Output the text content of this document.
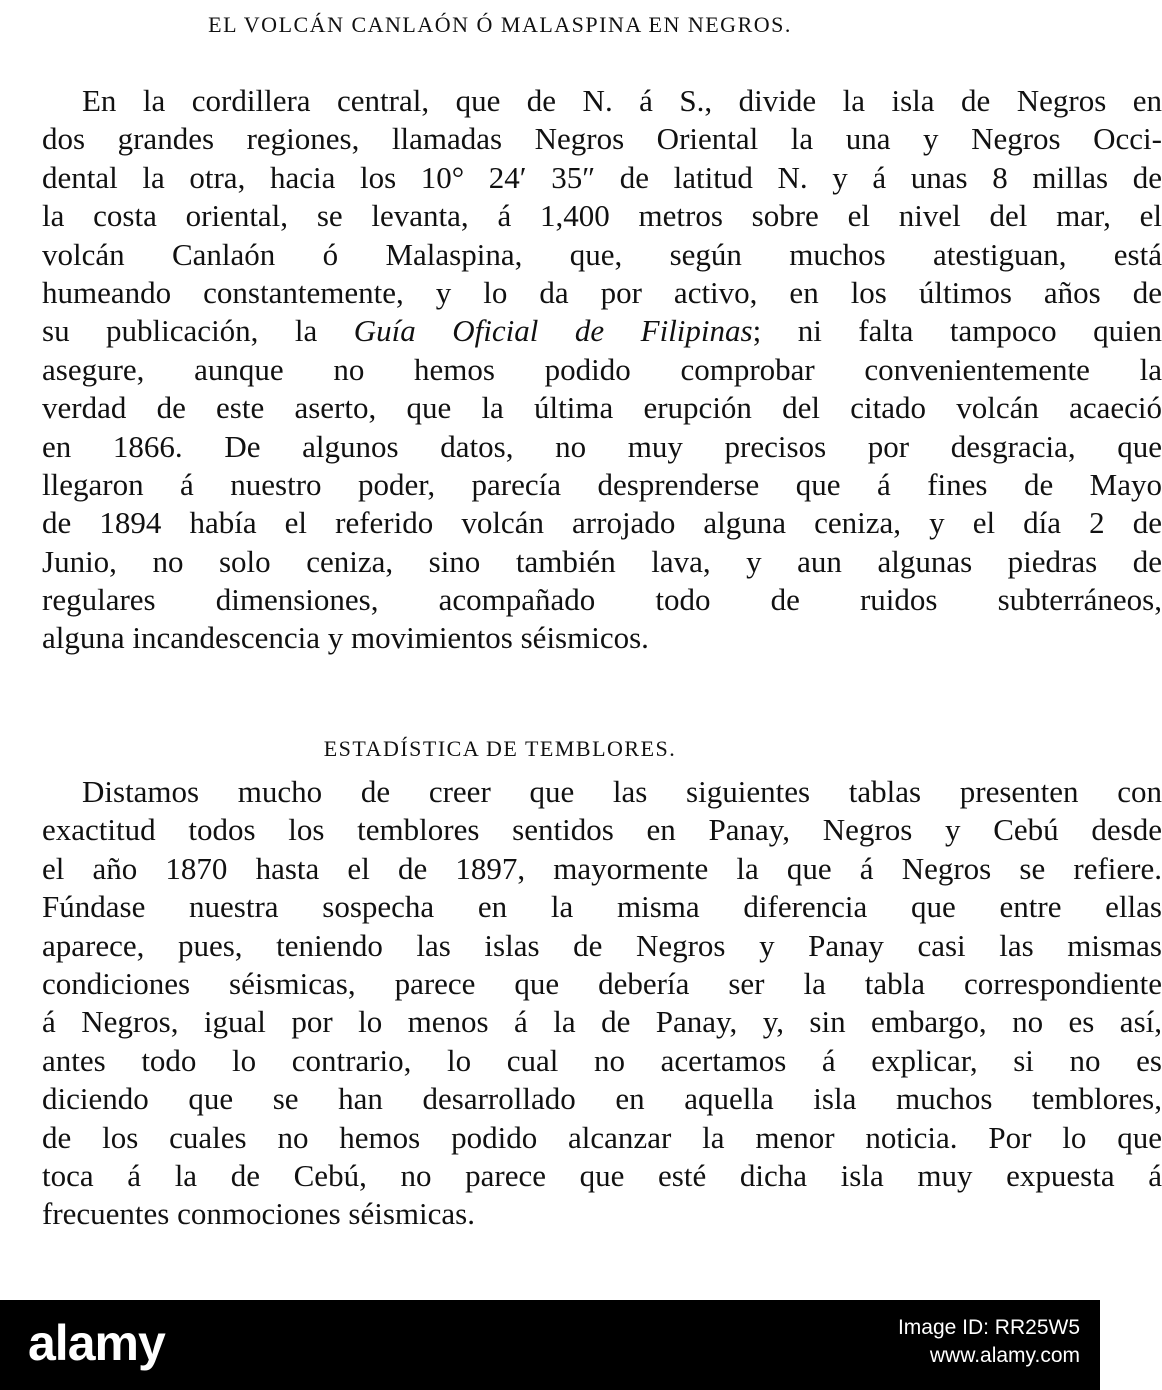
EL VOLCÁN CANLAÓN Ó MALASPINA EN NEGROS.
En la cordillera central, que de N. á S., divide la isla de Negros en
dos grandes regiones, llamadas Negros Oriental la una y Negros Occi-
dental la otra, hacia los 10° 24′ 35″ de latitud N. y á unas 8 millas de
la costa oriental, se levanta, á 1,400 metros sobre el nivel del mar, el
volcán Canlaón ó Malaspina, que, según muchos atestiguan, está
humeando constantemente, y lo da por activo, en los últimos años de
su publicación, la Guía Oficial de Filipinas; ni falta tampoco quien
asegure, aunque no hemos podido comprobar convenientemente la
verdad de este aserto, que la última erupción del citado volcán acaeció
en 1866. De algunos datos, no muy precisos por desgracia, que
llegaron á nuestro poder, parecía desprenderse que á fines de Mayo
de 1894 había el referido volcán arrojado alguna ceniza, y el día 2 de
Junio, no solo ceniza, sino también lava, y aun algunas piedras de
regulares dimensiones, acompañado todo de ruidos subterráneos,
alguna incandescencia y movimientos séismicos.
ESTADÍSTICA DE TEMBLORES.
Distamos mucho de creer que las siguientes tablas presenten con
exactitud todos los temblores sentidos en Panay, Negros y Cebú desde
el año 1870 hasta el de 1897, mayormente la que á Negros se refiere.
Fúndase nuestra sospecha en la misma diferencia que entre ellas
aparece, pues, teniendo las islas de Negros y Panay casi las mismas
condiciones séismicas, parece que debería ser la tabla correspondiente
á Negros, igual por lo menos á la de Panay, y, sin embargo, no es así,
antes todo lo contrario, lo cual no acertamos á explicar, si no es
diciendo que se han desarrollado en aquella isla muchos temblores,
de los cuales no hemos podido alcanzar la menor noticia. Por lo que
toca á la de Cebú, no parece que esté dicha isla muy expuesta á
frecuentes conmociones séismicas.
alamy	Image ID: RR25W5
www.alamy.com
